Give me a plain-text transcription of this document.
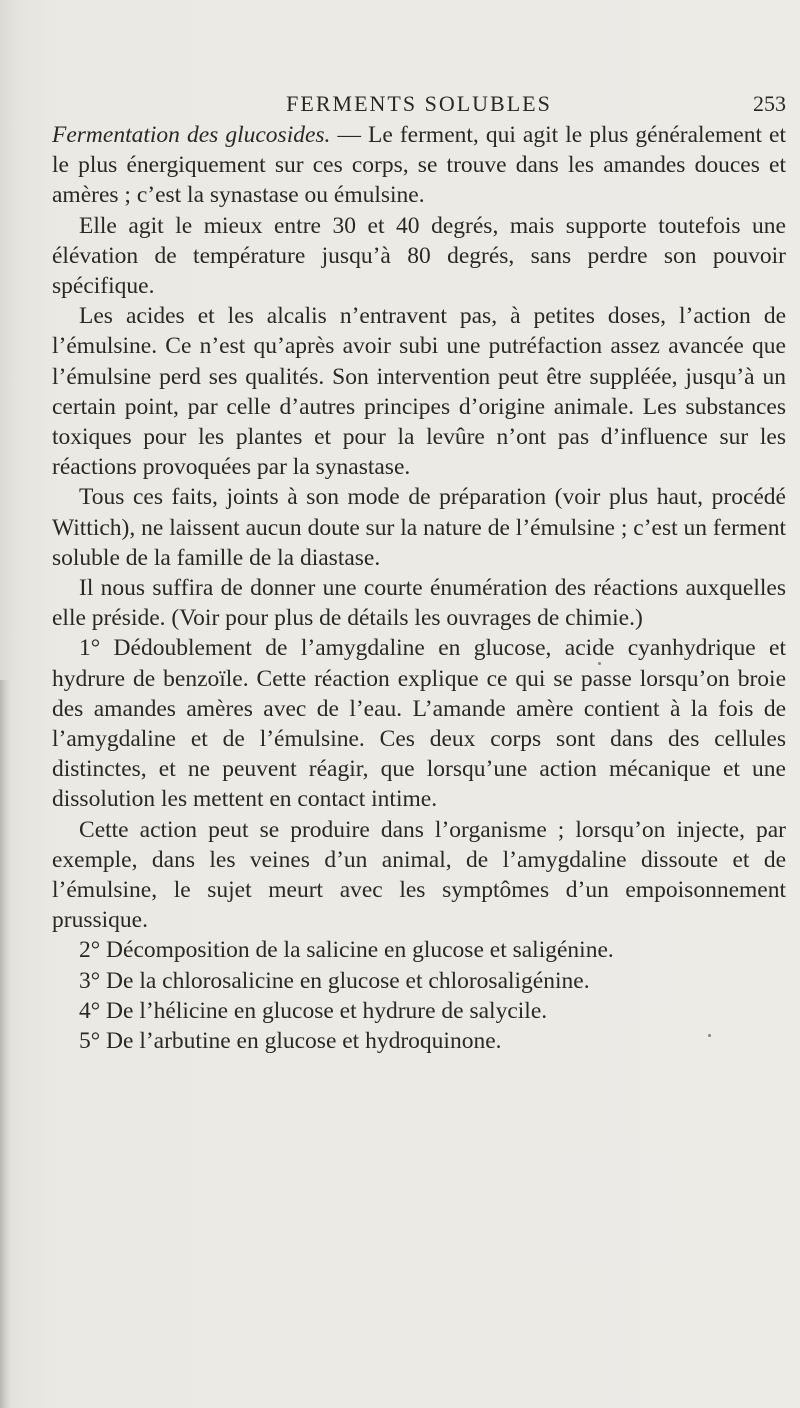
FERMENTS SOLUBLES	253

Fermentation des glucosides. — Le ferment, qui agit le plus généralement et le plus énergiquement sur ces corps, se trouve dans les amandes douces et amères ; c’est la synastase ou émulsine.

Elle agit le mieux entre 30 et 40 degrés, mais supporte toutefois une élévation de température jusqu’à 80 degrés, sans perdre son pouvoir spécifique.

Les acides et les alcalis n’entravent pas, à petites doses, l’action de l’émulsine. Ce n’est qu’après avoir subi une putréfaction assez avancée que l’émulsine perd ses qualités. Son intervention peut être suppléée, jusqu’à un certain point, par celle d’autres principes d’origine animale. Les substances toxiques pour les plantes et pour la levûre n’ont pas d’influence sur les réactions provoquées par la synastase.

Tous ces faits, joints à son mode de préparation (voir plus haut, procédé Wittich), ne laissent aucun doute sur la nature de l’émulsine ; c’est un ferment soluble de la famille de la diastase.

Il nous suffira de donner une courte énumération des réactions auxquelles elle préside. (Voir pour plus de détails les ouvrages de chimie.)

1° Dédoublement de l’amygdaline en glucose, acide cyanhydrique et hydrure de benzoïle. Cette réaction explique ce qui se passe lorsqu’on broie des amandes amères avec de l’eau. L’amande amère contient à la fois de l’amygdaline et de l’émulsine. Ces deux corps sont dans des cellules distinctes, et ne peuvent réagir, que lorsqu’une action mécanique et une dissolution les mettent en contact intime.

Cette action peut se produire dans l’organisme ; lorsqu’on injecte, par exemple, dans les veines d’un animal, de l’amygdaline dissoute et de l’émulsine, le sujet meurt avec les symptômes d’un empoisonnement prussique.

2° Décomposition de la salicine en glucose et saligénine.

3° De la chlorosalicine en glucose et chlorosaligénine.

4° De l’hélicine en glucose et hydrure de salycile.

5° De l’arbutine en glucose et hydroquinone.
